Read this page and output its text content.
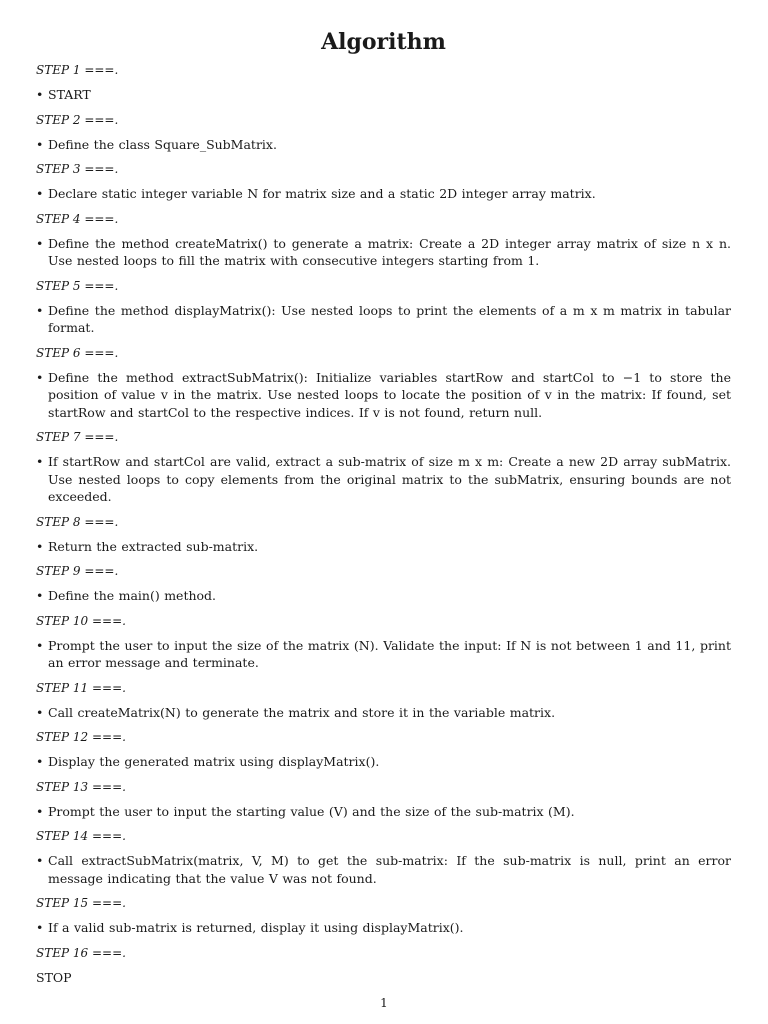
Algorithm

STEP 1 ===.

• START

STEP 2 ===.

• Define the class Square_SubMatrix.

STEP 3 ===.

• Declare static integer variable N for matrix size and a static 2D integer array matrix.

STEP 4 ===.

• Define the method createMatrix() to generate a matrix: Create a 2D integer array matrix of size n x n. Use nested loops to fill the matrix with consecutive integers starting from 1.

STEP 5 ===.

• Define the method displayMatrix(): Use nested loops to print the elements of a m x m matrix in tabular format.

STEP 6 ===.

• Define the method extractSubMatrix(): Initialize variables startRow and startCol to −1 to store the position of value v in the matrix. Use nested loops to locate the position of v in the matrix: If found, set startRow and startCol to the respective indices. If v is not found, return null.

STEP 7 ===.

• If startRow and startCol are valid, extract a sub-matrix of size m x m: Create a new 2D array subMatrix. Use nested loops to copy elements from the original matrix to the subMatrix, ensuring bounds are not exceeded.

STEP 8 ===.

• Return the extracted sub-matrix.

STEP 9 ===.

• Define the main() method.

STEP 10 ===.

• Prompt the user to input the size of the matrix (N). Validate the input: If N is not between 1 and 11, print an error message and terminate.

STEP 11 ===.

• Call createMatrix(N) to generate the matrix and store it in the variable matrix.

STEP 12 ===.

• Display the generated matrix using displayMatrix().

STEP 13 ===.

• Prompt the user to input the starting value (V) and the size of the sub-matrix (M).

STEP 14 ===.

• Call extractSubMatrix(matrix, V, M) to get the sub-matrix: If the sub-matrix is null, print an error message indicating that the value V was not found.

STEP 15 ===.

• If a valid sub-matrix is returned, display it using displayMatrix().

STEP 16 ===.

STOP

1
